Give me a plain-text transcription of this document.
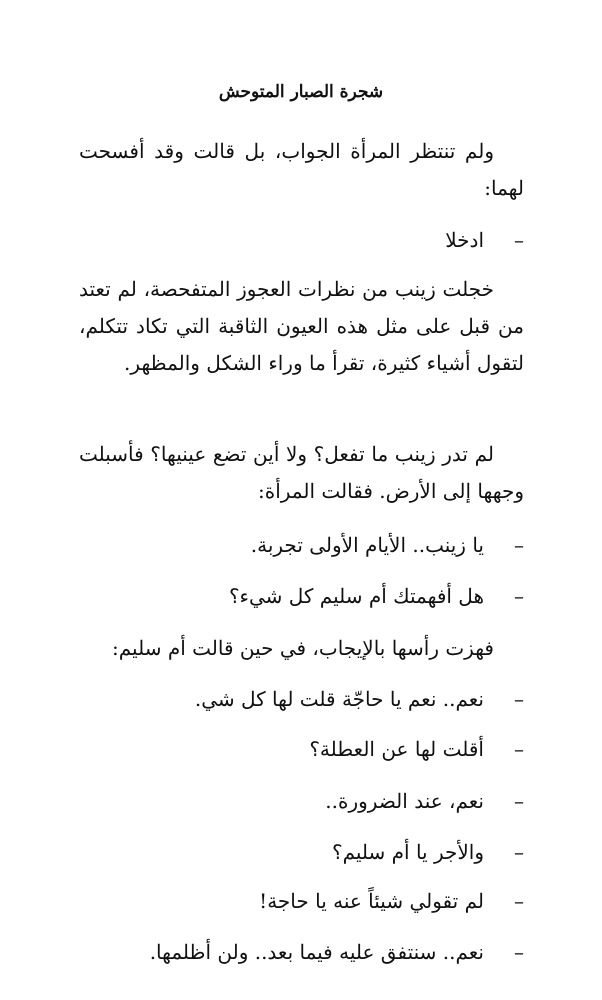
شجرة الصبار المتوحش
ولم تنتظر المرأة الجواب، بل قالت وقد أفسحت لهما:
–
ادخلا
خجلت زينب من نظرات العجوز المتفحصة، لم تعتد من قبل على مثل هذه العيون الثاقبة التي تكاد تتكلم، لتقول أشياء كثيرة، تقرأ ما وراء الشكل والمظهر.
لم تدر زينب ما تفعل؟ ولا أين تضع عينيها؟ فأسبلت وجهها إلى الأرض. فقالت المرأة:
–
يا زينب.. الأيام الأولى تجربة.
–
هل أفهمتك أم سليم كل شيء؟
فهزت رأسها بالإيجاب، في حين قالت أم سليم:
–
نعم.. نعم يا حاجّة قلت لها كل شي.
–
أقلت لها عن العطلة؟
–
نعم، عند الضرورة..
–
والأجر يا أم سليم؟
–
لم تقولي شيئاً عنه يا حاجة!
–
نعم.. سنتفق عليه فيما بعد.. ولن أظلمها.
